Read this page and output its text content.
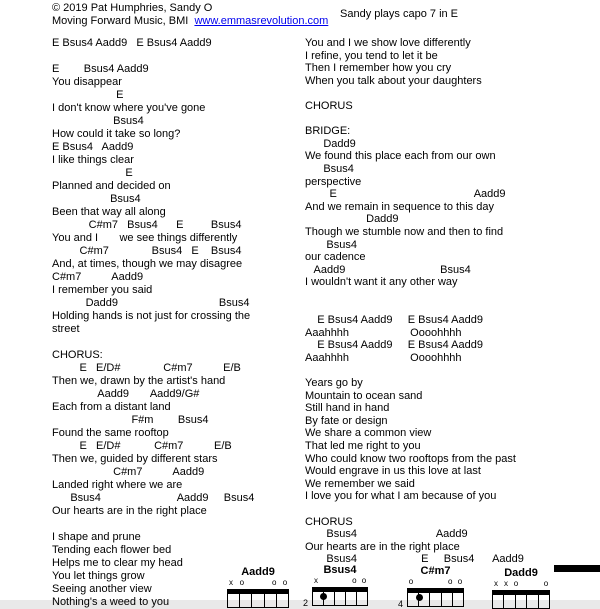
© 2019 Pat Humphries, Sandy O
Moving Forward Music, BMI  www.emmasrevolution.com
Sandy plays capo 7 in E
E Bsus4 Aadd9   E Bsus4 Aadd9

E        Bsus4 Aadd9
You disappear
E
I don't know where you've gone
Bsus4
How could it take so long?
E Bsus4   Aadd9
I like things clear
E
Planned and decided on
Bsus4
Been that way all along
C#m7   Bsus4      E         Bsus4
You and I       we see things differently
C#m7              Bsus4   E    Bsus4
And, at times, though we may disagree
C#m7          Aadd9
I remember you said
Dadd9                                 Bsus4
Holding hands is not just for crossing the
street

CHORUS:
E   E/D#              C#m7          E/B
Then we, drawn by the artist's hand
Aadd9       Aadd9/G#
Each from a distant land
F#m        Bsus4
Found the same rooftop
E   E/D#           C#m7          E/B
Then we, guided by different stars
C#m7          Aadd9
Landed right where we are
Bsus4                         Aadd9     Bsus4
Our hearts are in the right place

I shape and prune
Tending each flower bed
Helps me to clear my head
You let things grow
Seeing another view
Nothing's a weed to you
You and I we show love differently
I refine, you tend to let it be
Then I remember how you cry
When you talk about your daughters

CHORUS

BRIDGE:
Dadd9
We found this place each from our own
Bsus4
perspective
E                                             Aadd9
And we remain in sequence to this day
Dadd9
Though we stumble now and then to find
Bsus4
our cadence
Aadd9                               Bsus4
I wouldn't want it any other way

E Bsus4 Aadd9     E Bsus4 Aadd9
Aaahhhh                    Oooohhhh
E Bsus4 Aadd9     E Bsus4 Aadd9
Aaahhhh                    Oooohhhh

Years go by
Mountain to ocean sand
Still hand in hand
By fate or design
We share a common view
That led me right to you
Who could know two rooftops from the past
Would engrave in us this love at last
We remember we said
I love you for what I am because of you

CHORUS
Bsus4                          Aadd9
Our hearts are in the right place
Bsus4                     E     Bsus4      Aadd9
Aadd9
x o	o o
Bsus4
x	o o
2
C#m7
o	o o
4
Dadd9
x x o	o
